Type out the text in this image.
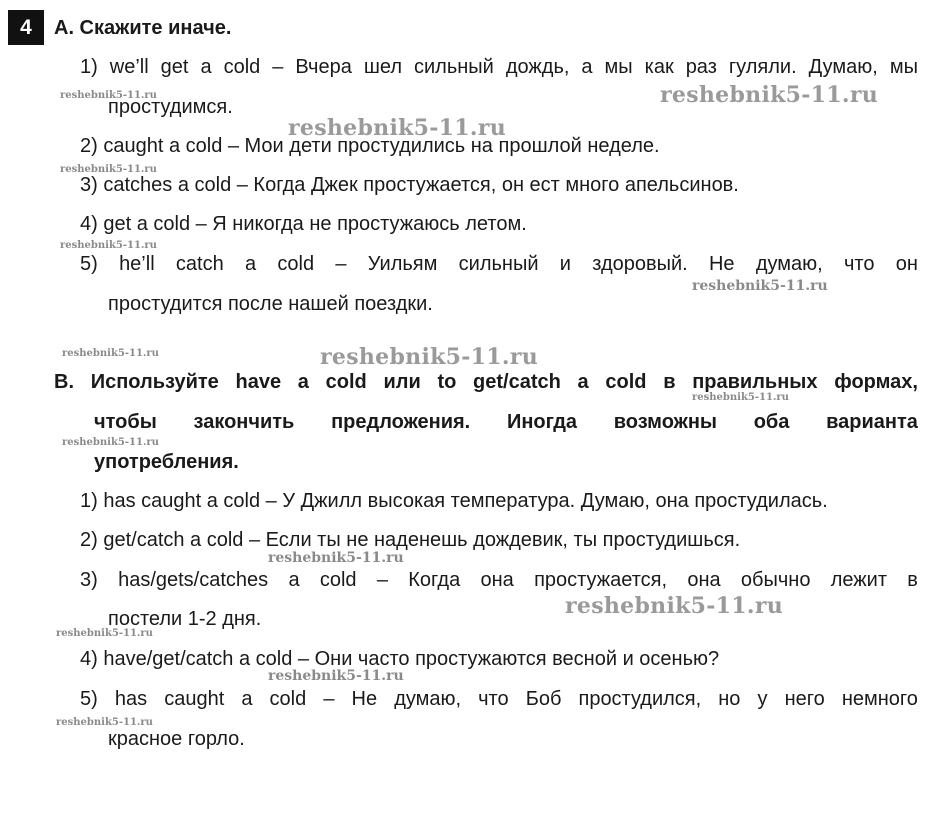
4 А. Скажите иначе.
1) we’ll get a cold – Вчера шел сильный дождь, а мы как раз гуляли. Думаю, мы
простудимся.
2) caught a cold – Мои дети простудились на прошлой неделе.
3) catches a cold – Когда Джек простужается, он ест много апельсинов.
4) get a cold – Я никогда не простужаюсь летом.
5) he’ll catch a cold – Уильям сильный и здоровый. Не думаю, что он
простудится после нашей поездки.
B. Используйте have a cold или to get/catch a cold в правильных формах,
чтобы закончить предложения. Иногда возможны оба варианта
употребления.
1) has caught a cold – У Джилл высокая температура. Думаю, она простудилась.
2) get/catch a cold – Если ты не наденешь дождевик, ты простудишься.
3) has/gets/catches a cold – Когда она простужается, она обычно лежит в
постели 1-2 дня.
4) have/get/catch a cold – Они часто простужаются весной и осенью?
5) has caught a cold – Не думаю, что Боб простудился, но у него немного
красное горло.
reshebnik5-11.ru	reshebnik5-11.ru
reshebnik5-11.ru
reshebnik5-11.ru
reshebnik5-11.ru
reshebnik5-11.ru
reshebnik5-11.ru	reshebnik5-11.ru
reshebnik5-11.ru
reshebnik5-11.ru
reshebnik5-11.ru
reshebnik5-11.ru
reshebnik5-11.ru
reshebnik5-11.ru
reshebnik5-11.ru
